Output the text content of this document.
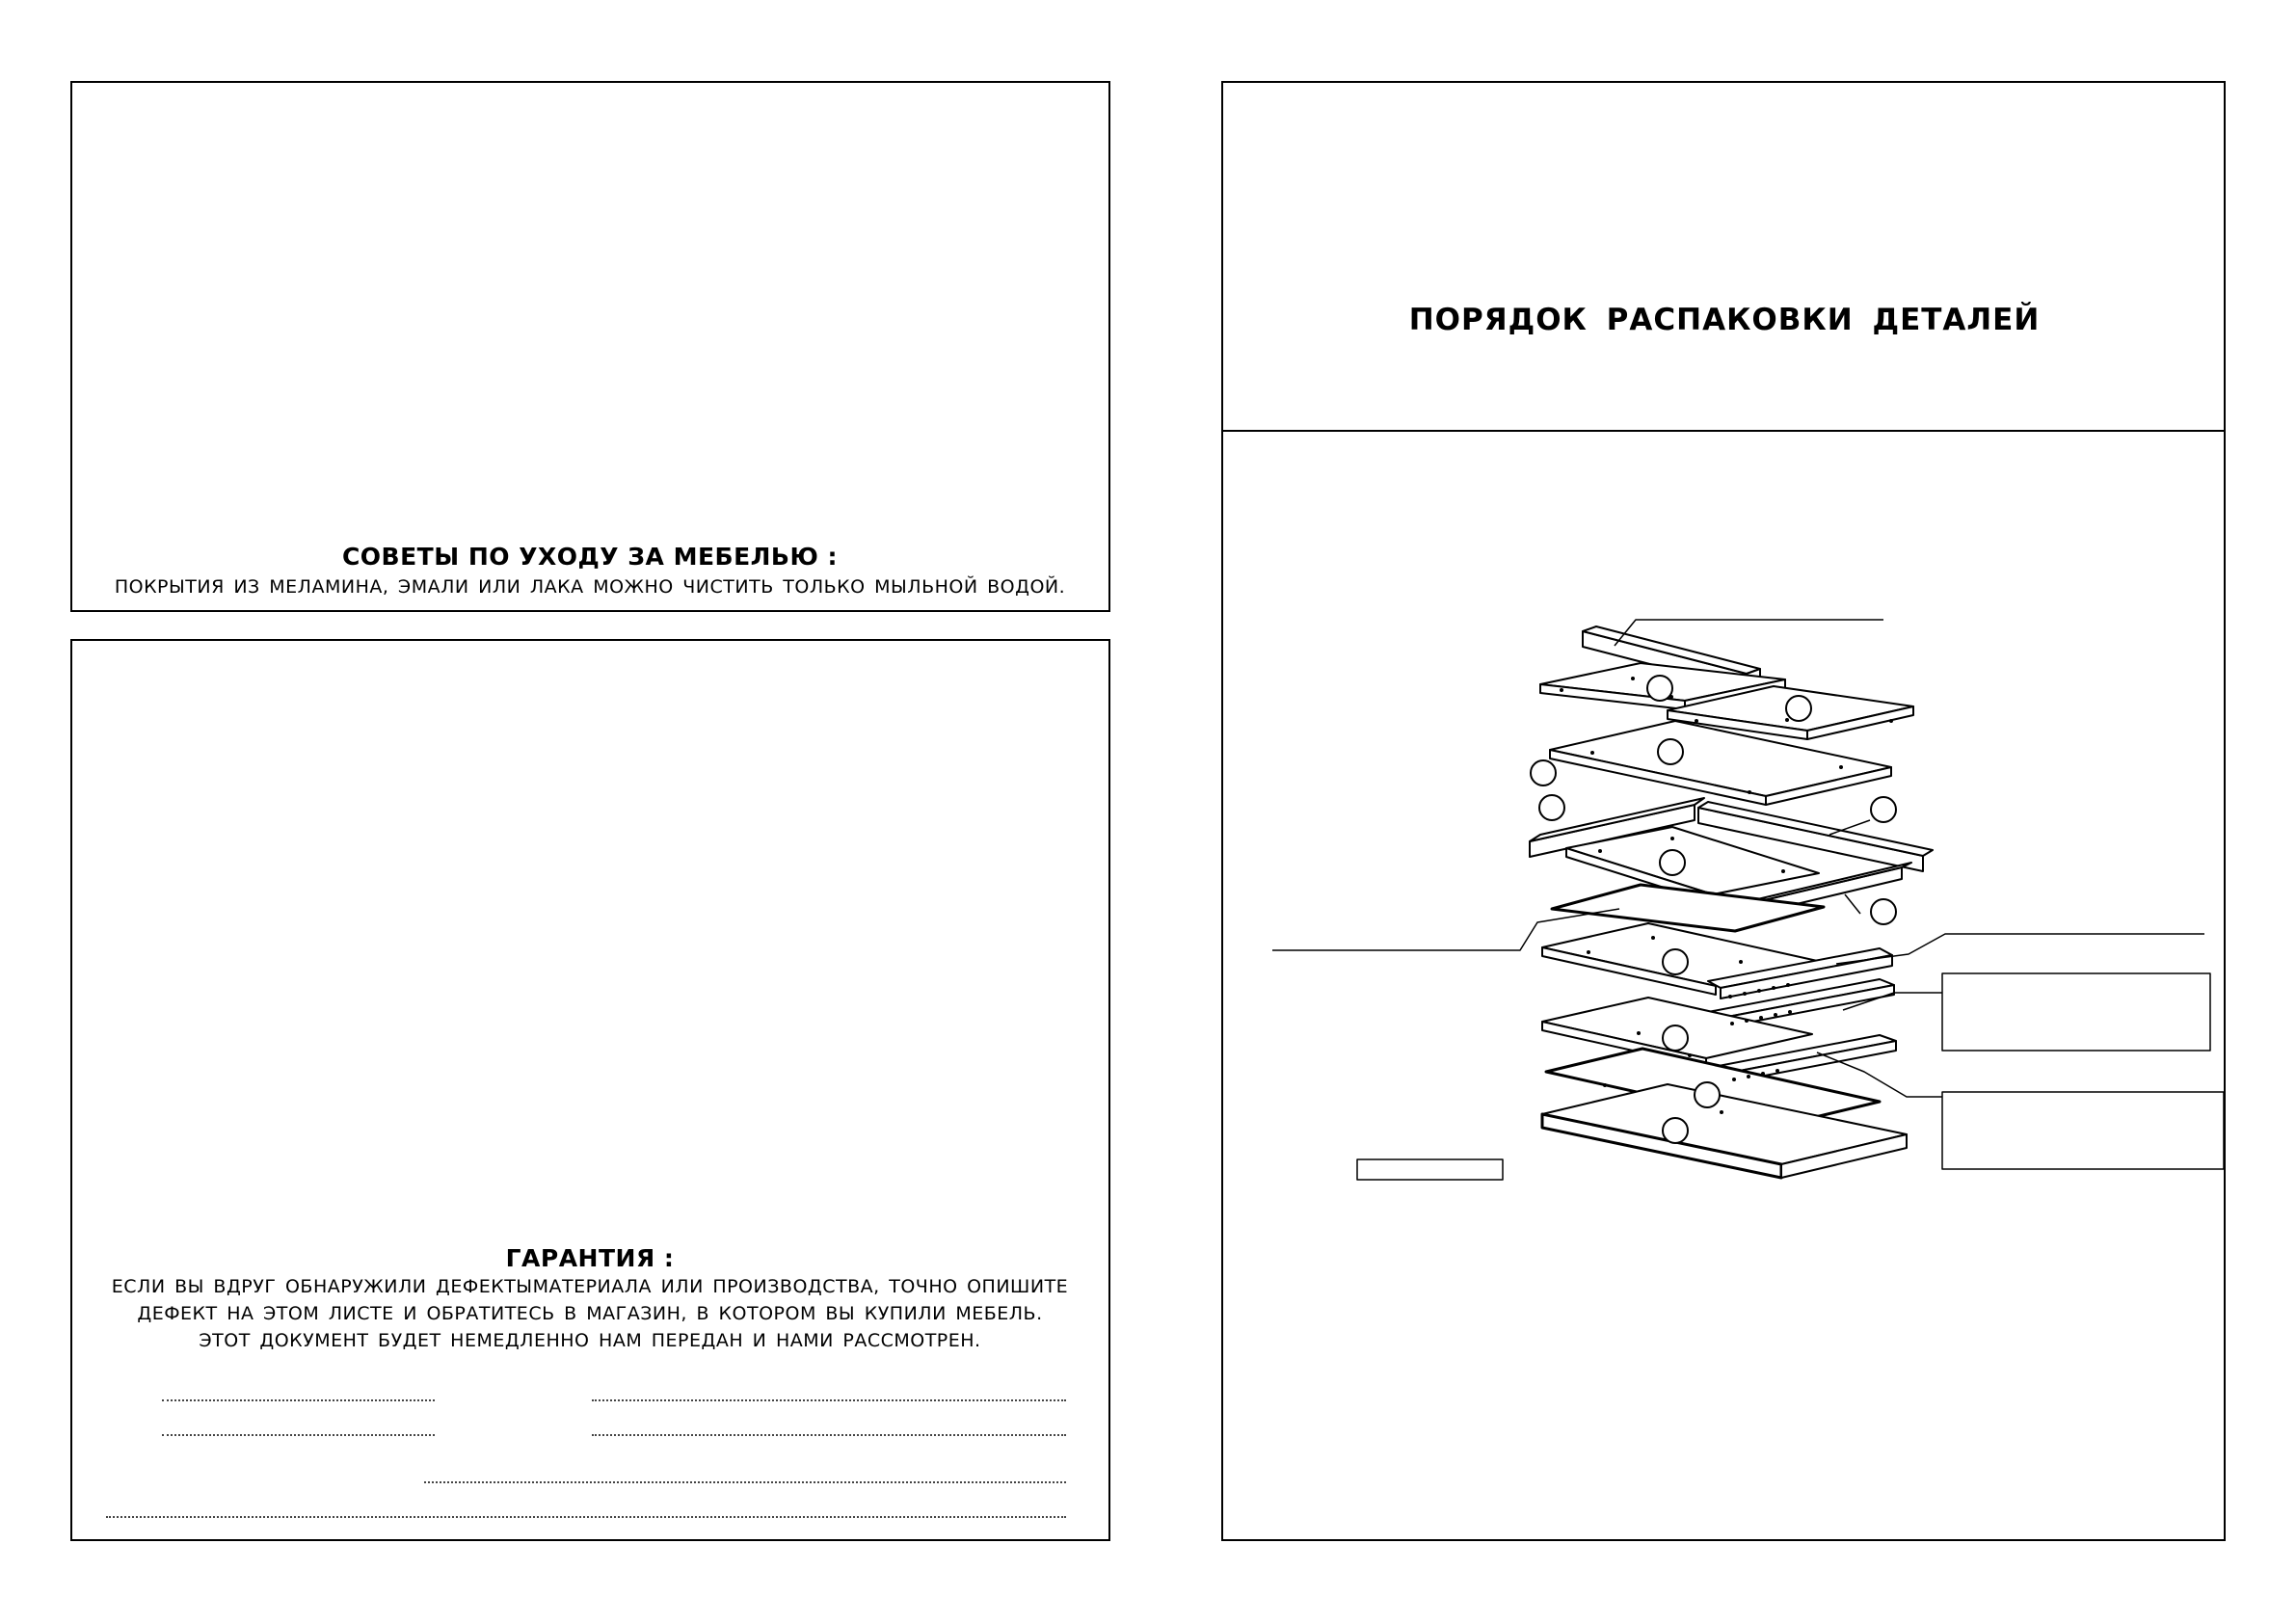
СОВЕТЫ ПО УХОДУ ЗА МЕБЕЛЬЮ :
ПОКРЫТИЯ ИЗ МЕЛАМИНА, ЭМАЛИ ИЛИ ЛАКА МОЖНО ЧИСТИТЬ ТОЛЬКО МЫЛЬНОЙ ВОДОЙ.
ГАРАНТИЯ :
ЕСЛИ ВЫ ВДРУГ ОБНАРУЖИЛИ ДЕФЕКТЫМАТЕРИАЛА ИЛИ ПРОИЗВОДСТВА, ТОЧНО ОПИШИТЕ
ДЕФЕКТ НА ЭТОМ ЛИСТЕ И ОБРАТИТЕСЬ В МАГАЗИН, В КОТОРОМ ВЫ КУПИЛИ МЕБЕЛЬ.
ЭТОТ ДОКУМЕНТ БУДЕТ НЕМЕДЛЕННО НАМ ПЕРЕДАН И НАМИ РАССМОТРЕН.
ПОРЯДОК РАСПАКОВКИ ДЕТАЛЕЙ
